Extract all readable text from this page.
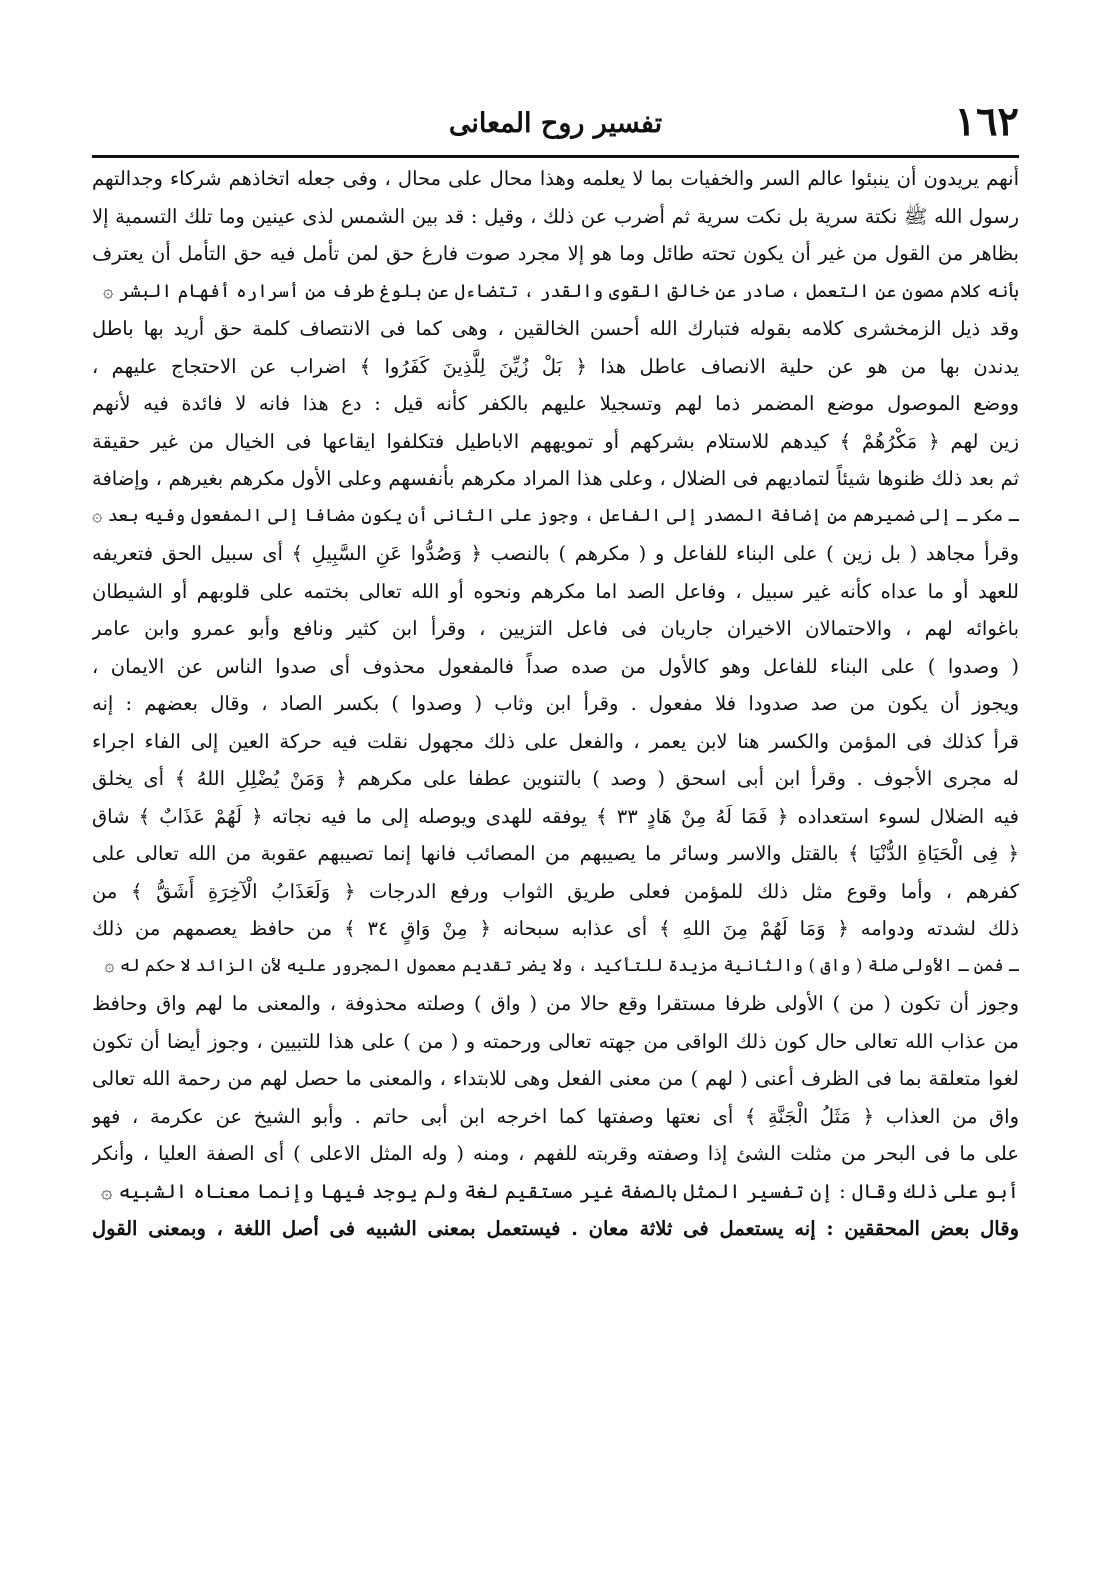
١٦٢
تفسير روح المعانى
أنهم يريدون أن ينبئوا عالم السر والخفيات بما لا يعلمه وهذا محال على محال ، وفى جعله اتخاذهم شركاء وجدالتهم
رسول الله ﷺ نكتة سرية بل نكت سرية ثم أضرب عن ذلك ، وقيل : قد بين الشمس لذى عينين وما تلك التسمية إلا
بظاهر من القول من غير أن يكون تحته طائل وما هو إلا مجرد صوت فارغ حق لمن تأمل فيه حق التأمل أن يعترف
بأنه كلام مصون عن التعمل ، صادر عن خالق القوى والقدر ، تتضاءل عن بلوغ طرف من أسراره أفهام البشر ۞
وقد ذيل الزمخشرى كلامه بقوله فتبارك الله أحسن الخالقين ، وهى كما فى الانتصاف كلمة حق أريد بها باطل
يدندن بها من هو عن حلية الانصاف عاطل هذا ﴿ بَلْ زُيِّنَ لِلَّذِينَ كَفَرُوا ﴾ اضراب عن الاحتجاج عليهم ،
ووضع الموصول موضع المضمر ذما لهم وتسجيلا عليهم بالكفر كأنه قيل : دع هذا فانه لا فائدة فيه لأنهم
زين لهم ﴿ مَكْرُهُمْ ﴾ كيدهم للاستلام بشركهم أو تمويههم الاباطيل فتكلفوا ايقاعها فى الخيال من غير حقيقة
ثم بعد ذلك ظنوها شيئاً لتماديهم فى الضلال ، وعلى هذا المراد مكرهم بأنفسهم وعلى الأول مكرهم بغيرهم ، وإضافة
ـ مكر ـ إلى ضميرهم من إضافة المصدر إلى الفاعل ، وجوز على الثانى أن يكون مضافا إلى المفعول وفيه بعد ۞
وقرأ مجاهد ( بل زين ) على البناء للفاعل و ( مكرهم ) بالنصب ﴿ وَصُدُّوا عَنِ السَّبِيلِ ﴾ أى سبيل الحق فتعريفه
للعهد أو ما عداه كأنه غير سبيل ، وفاعل الصد اما مكرهم ونحوه أو الله تعالى بختمه على قلوبهم أو الشيطان
باغوائه لهم ، والاحتمالان الاخيران جاريان فى فاعل التزيين ، وقرأ ابن كثير ونافع وأبو عمرو وابن عامر
( وصدوا ) على البناء للفاعل وهو كالأول من صده صداً فالمفعول محذوف أى صدوا الناس عن الايمان ،
ويجوز أن يكون من صد صدودا فلا مفعول . وقرأ ابن وثاب ( وصدوا ) بكسر الصاد ، وقال بعضهم : إنه
قرأ كذلك فى المؤمن والكسر هنا لابن يعمر ، والفعل على ذلك مجهول نقلت فيه حركة العين إلى الفاء اجراء
له مجرى الأجوف . وقرأ ابن أبى اسحق ( وصد ) بالتنوين عطفا على مكرهم ﴿ وَمَنْ يُضْلِلِ اللهُ ﴾ أى يخلق
فيه الضلال لسوء استعداده ﴿ فَمَا لَهُ مِنْ هَادٍ ٣٣ ﴾ يوفقه للهدى ويوصله إلى ما فيه نجاته ﴿ لَهُمْ عَذَابٌ ﴾ شاق
﴿ فِى الْحَيَاةِ الدُّنْيَا ﴾ بالقتل والاسر وسائر ما يصيبهم من المصائب فانها إنما تصيبهم عقوبة من الله تعالى على
كفرهم ، وأما وقوع مثل ذلك للمؤمن فعلى طريق الثواب ورفع الدرجات ﴿ وَلَعَذَابُ الْآخِرَةِ أَشَقُّ ﴾ من
ذلك لشدته ودوامه ﴿ وَمَا لَهُمْ مِنَ اللهِ ﴾ أى عذابه سبحانه ﴿ مِنْ وَاقٍ ٣٤ ﴾ من حافظ يعصمهم من ذلك
ـ فمن ـ الأولى صلة ( واق ) والثانية مزيدة للتأكيد ، ولا يضر تقديم معمول المجرور عليه لأن الزائد لا حكم له ۞
وجوز أن تكون ( من ) الأولى ظرفا مستقرا وقع حالا من ( واق ) وصلته محذوفة ، والمعنى ما لهم واق وحافظ
من عذاب الله تعالى حال كون ذلك الواقى من جهته تعالى ورحمته و ( من ) على هذا للتبيين ، وجوز أيضا أن تكون
لغوا متعلقة بما فى الظرف أعنى ( لهم ) من معنى الفعل وهى للابتداء ، والمعنى ما حصل لهم من رحمة الله تعالى
واق من العذاب ﴿ مَثَلُ الْجَنَّةِ ﴾ أى نعتها وصفتها كما اخرجه ابن أبى حاتم . وأبو الشيخ عن عكرمة ، فهو
على ما فى البحر من مثلت الشئ إذا وصفته وقربته للفهم ، ومنه ( وله المثل الاعلى ) أى الصفة العليا ، وأنكر
أبو على ذلك وقال : إن تفسير المثل بالصفة غير مستقيم لغة ولم يوجد فيها وإنما معناه الشبيه ۞
وقال بعض المحققين : إنه يستعمل فى ثلاثة معان . فيستعمل بمعنى الشبيه فى أصل اللغة ، وبمعنى القول
